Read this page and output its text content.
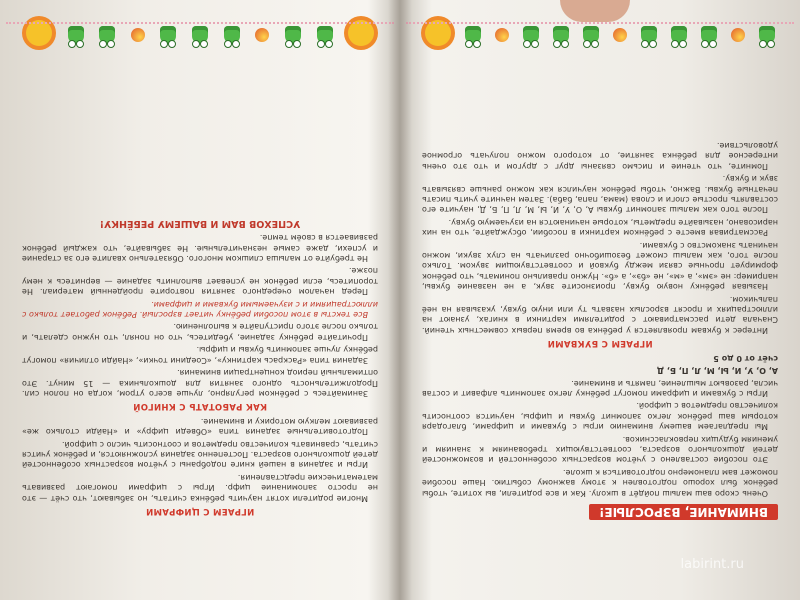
ИГРАЕМ С ЦИФРАМИ

Многие родители хотят научить ребёнка считать, но забывают, что счёт — это не просто запоминание цифр. Игры с цифрами помогают развивать математические представления.

Игры и задания в нашей книге подобраны с учётом возрастных особенностей детей дошкольного возраста. Постепенно задания усложняются, и ребёнок учится считать, сравнивать количество предметов и соотносить число с цифрой.

Подготовительные задания типа «Обведи цифру» и «Найди столько же» развивают мелкую моторику и внимание.

КАК РАБОТАТЬ С КНИГОЙ

Занимайтесь с ребёнком регулярно, лучше всего утром, когда он полон сил. Продолжительность одного занятия для дошкольника — 15 минут. Это оптимальный период концентрации внимания.

Задания типа «Раскрась картинку», «Соедини точки», «Найди отличия» помогут ребёнку лучше запомнить буквы и цифры.

Прочитайте ребёнку задание, убедитесь, что он понял, что нужно сделать, и только после этого приступайте к выполнению.

Все тексты в этом пособии ребёнку читает взрослый. Ребёнок работает только с иллюстрациями и с изучаемыми буквами и цифрами.

Перед началом очередного занятия повторите пройденный материал. Не торопитесь, если ребёнок не успевает выполнить задание — вернитесь к нему позже.

Не требуйте от малыша слишком многого. Обязательно хвалите его за старание и успехи, даже самые незначительные. Не забывайте, что каждый ребёнок развивается в своём темпе.

УСПЕХОВ ВАМ И ВАШЕМУ РЕБЁНКУ!
ВНИМАНИЕ, ВЗРОСЛЫЕ!

Очень скоро ваш малыш пойдёт в школу. Как и все родители, вы хотите, чтобы ребёнок был хорошо подготовлен к этому важному событию. Наше пособие поможет вам планомерно подготовиться к школе.

Это пособие составлено с учётом возрастных особенностей и возможностей детей дошкольного возраста, соответствующих требованиям к знаниям и умениям будущих первоклассников.

Мы предлагаем вашему вниманию игры с буквами и цифрами, благодаря которым ваш ребёнок легко запомнит буквы и цифры, научится соотносить количество предметов с цифрой.

Игры с буквами и цифрами помогут ребёнку легко запомнить алфавит и состав числа, разовьют мышление, память и внимание.

А, О, У, И, Ы, М, Л, П, Б, Д

счёт от 0 до 5

ИГРАЕМ С БУКВАМИ

Интерес к буквам проявляется у ребёнка во время первых совместных чтений. Сначала дети рассматривают с родителями картинки в книгах, узнают на иллюстрациях и просят взрослых назвать ту или иную букву, указывая на неё пальчиком.

Называя ребёнку новую букву, произносите звук, а не название буквы, например: не «эм», а «м», не «бэ», а «б». Нужно правильно понимать, что ребёнок формирует прочные связи между буквой и соответствующим звуком. Только после того, как малыш сможет безошибочно различать на слух звуки, можно начинать знакомство с буквами.

Рассматривая вместе с ребёнком картинки в пособии, обсуждайте, что на них нарисовано, называйте предметы, которые начинаются на изучаемую букву.

После того как малыш запомнит буквы А, О, У, И, Ы, М, Л, П, Б, Д, научите его составлять простые слоги и слова (мама, папа, баба). Затем начните учить писать печатные буквы. Важно, чтобы ребёнок научился как можно раньше связывать звук и букву.

Помните, что чтение и письмо связаны друг с другом и что это очень интересное для ребёнка занятие, от которого можно получать огромное удовольствие.

labirint.ru
